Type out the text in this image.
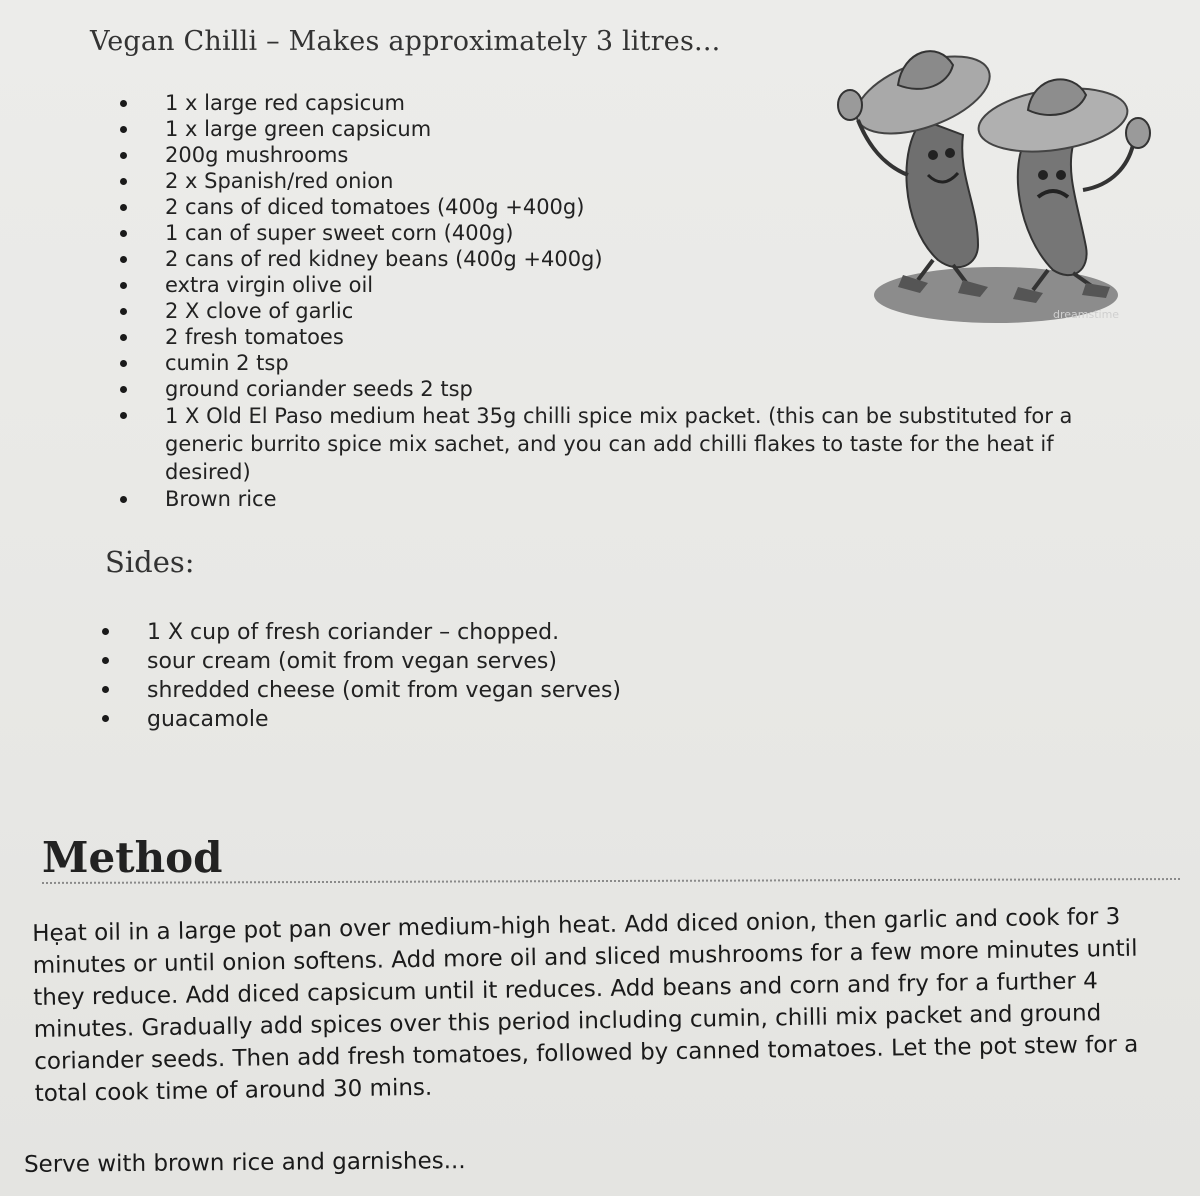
Vegan Chilli – Makes approximately 3 litres...
1 x large red capsicum
1 x large green capsicum
200g mushrooms
2 x Spanish/red onion
2 cans of diced tomatoes (400g +400g)
1 can of super sweet corn (400g)
2 cans of red kidney beans (400g +400g)
extra virgin olive oil
2 X clove of garlic
2 fresh tomatoes
cumin 2 tsp
ground coriander seeds 2 tsp
1 X Old El Paso medium heat 35g chilli spice mix packet. (this can be substituted for a generic burrito spice mix sachet, and you can add chilli flakes to taste for the heat if desired)
Brown rice
dreamstime
Sides:
1 X cup of fresh coriander – chopped.
sour cream (omit from vegan serves)
shredded cheese (omit from vegan serves)
guacamole
Method
Hẹat oil in a large pot pan over medium-high heat. Add diced onion, then garlic and cook for 3 minutes or until onion softens. Add more oil and sliced mushrooms for a few more minutes until they reduce. Add diced capsicum until it reduces. Add beans and corn and fry for a further 4 minutes. Gradually add spices over this period including cumin, chilli mix packet and ground coriander seeds. Then add fresh tomatoes, followed by canned tomatoes. Let the pot stew for a total cook time of around 30 mins.
Serve with brown rice and garnishes...
